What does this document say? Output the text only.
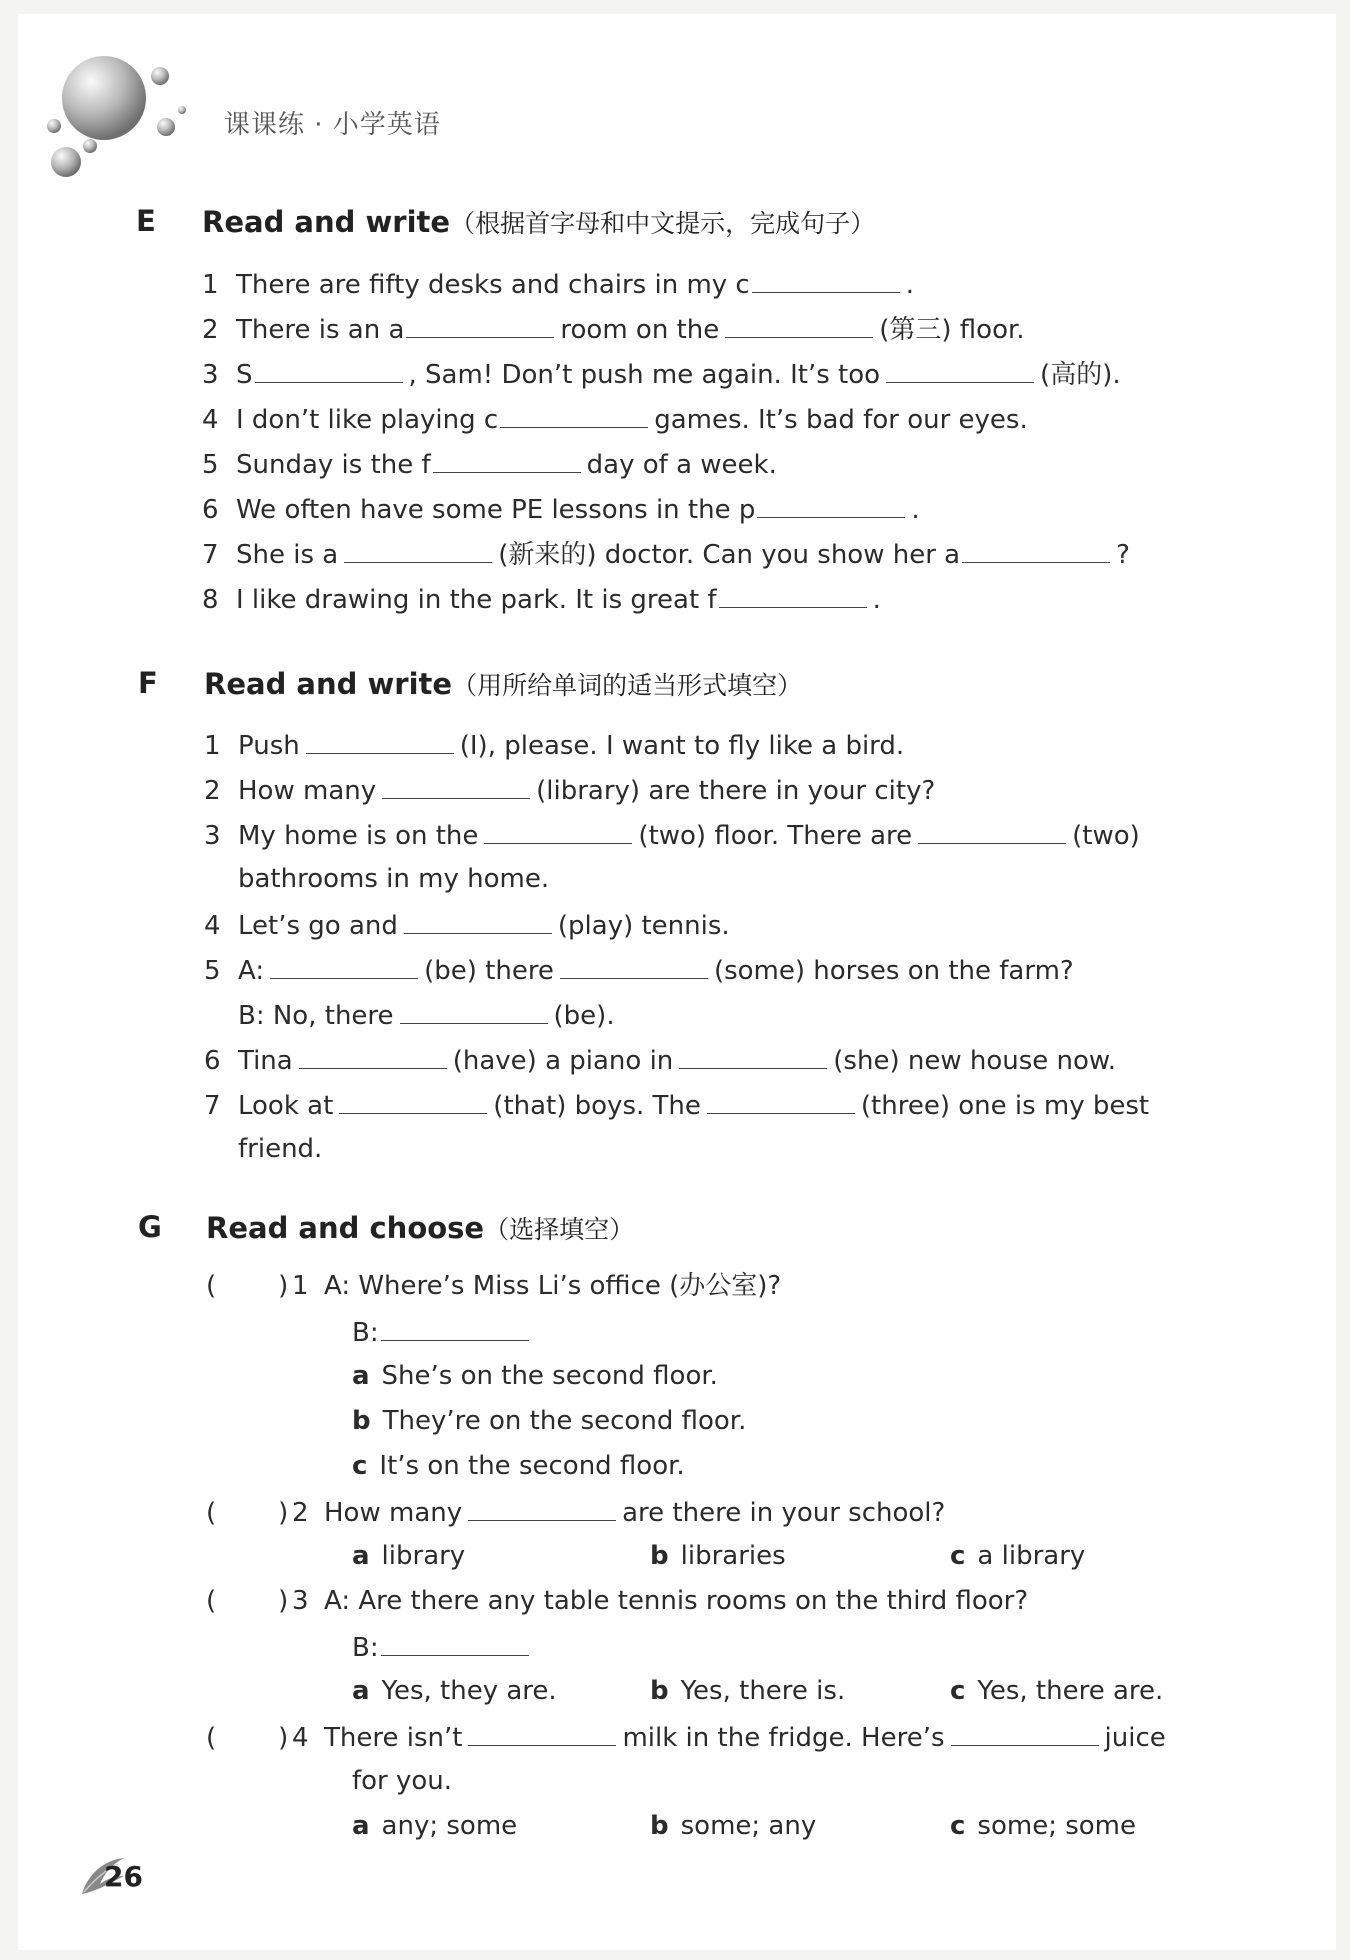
课课练 · 小学英语
E Read and write（根据首字母和中文提示，完成句子）
1 There are fifty desks and chairs in my c	.
2 There is an a	room on the	(第三) floor.
3 S	, Sam! Don’t push me again. It’s too	(高的).
4 I don’t like playing c	games. It’s bad for our eyes.
5 Sunday is the f	day of a week.
6 We often have some PE lessons in the p	.
7 She is a	(新来的) doctor. Can you show her a	?
8 I like drawing in the park. It is great f	.
F Read and write（用所给单词的适当形式填空）
1 Push	(I), please. I want to fly like a bird.
2 How many	(library) are there in your city?
3 My home is on the	(two) floor. There are	(two)
bathrooms in my home.
4 Let’s go and	(play) tennis.
5 A:	(be) there	(some) horses on the farm?
B: No, there	(be).
6 Tina	(have) a piano in	(she) new house now.
7 Look at	(that) boys. The	(three) one is my best
friend.
G Read and choose（选择填空）
( ) 1 A: Where’s Miss Li’s office (办公室)?
B:
a She’s on the second floor.
b They’re on the second floor.
c It’s on the second floor.
( ) 2 How many	are there in your school?
a library	b libraries	c a library
( ) 3 A: Are there any table tennis rooms on the third floor?
B:
a Yes, they are.	b Yes, there is.	c Yes, there are.
( ) 4 There isn’t	milk in the fridge. Here’s	juice
for you.
a any; some	b some; any	c some; some
26
